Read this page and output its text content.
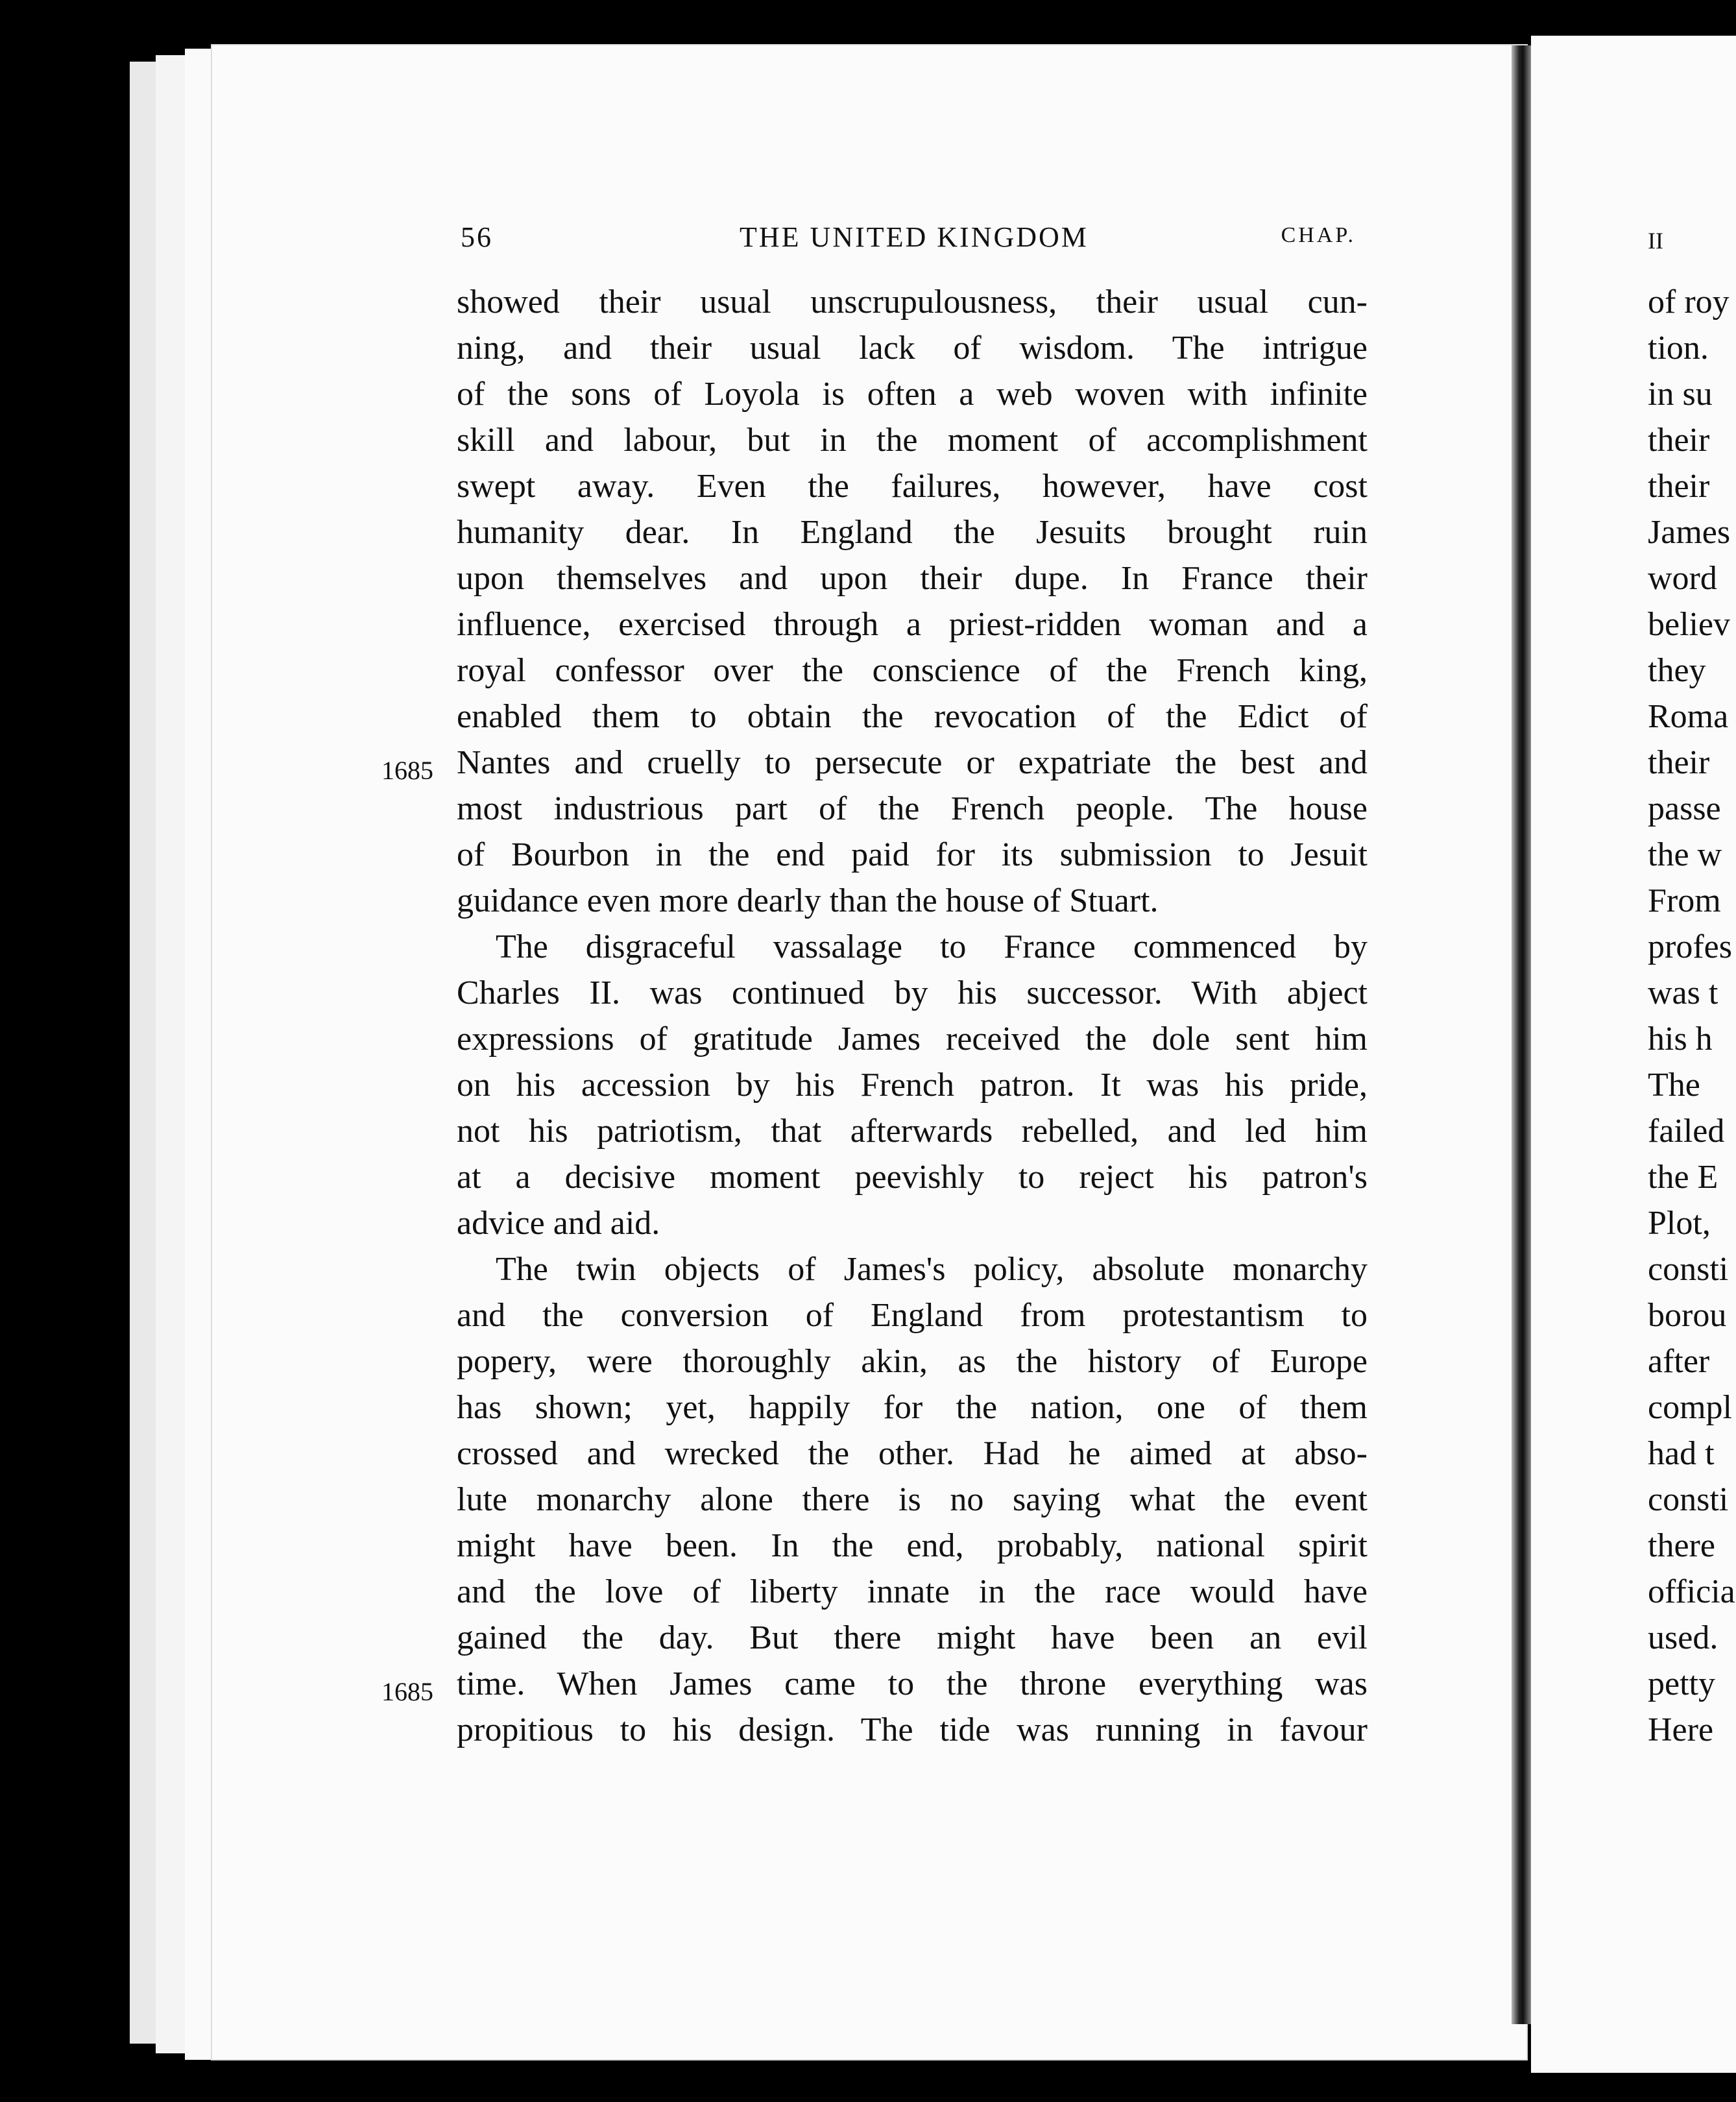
56	THE UNITED KINGDOM	CHAP.
1685
1685
showed their usual unscrupulousness, their usual cun-
ning, and their usual lack of wisdom. The intrigue
of the sons of Loyola is often a web woven with infinite
skill and labour, but in the moment of accomplishment
swept away. Even the failures, however, have cost
humanity dear. In England the Jesuits brought ruin
upon themselves and upon their dupe. In France their
influence, exercised through a priest-ridden woman and a
royal confessor over the conscience of the French king,
enabled them to obtain the revocation of the Edict of
Nantes and cruelly to persecute or expatriate the best and
most industrious part of the French people. The house
of Bourbon in the end paid for its submission to Jesuit
guidance even more dearly than the house of Stuart.
The disgraceful vassalage to France commenced by
Charles II. was continued by his successor. With abject
expressions of gratitude James received the dole sent him
on his accession by his French patron. It was his pride,
not his patriotism, that afterwards rebelled, and led him
at a decisive moment peevishly to reject his patron's
advice and aid.
The twin objects of James's policy, absolute monarchy
and the conversion of England from protestantism to
popery, were thoroughly akin, as the history of Europe
has shown; yet, happily for the nation, one of them
crossed and wrecked the other. Had he aimed at abso-
lute monarchy alone there is no saying what the event
might have been. In the end, probably, national spirit
and the love of liberty innate in the race would have
gained the day. But there might have been an evil
time. When James came to the throne everything was
propitious to his design. The tide was running in favour
II
of roy
tion.
in su
their
their
James
word
believ
they
Roma
their
passe
the w
From
profes
was t
his h
The
failed
the E
Plot,
consti
borou
after
compl
had t
consti
there
officia
used.
petty
Here
